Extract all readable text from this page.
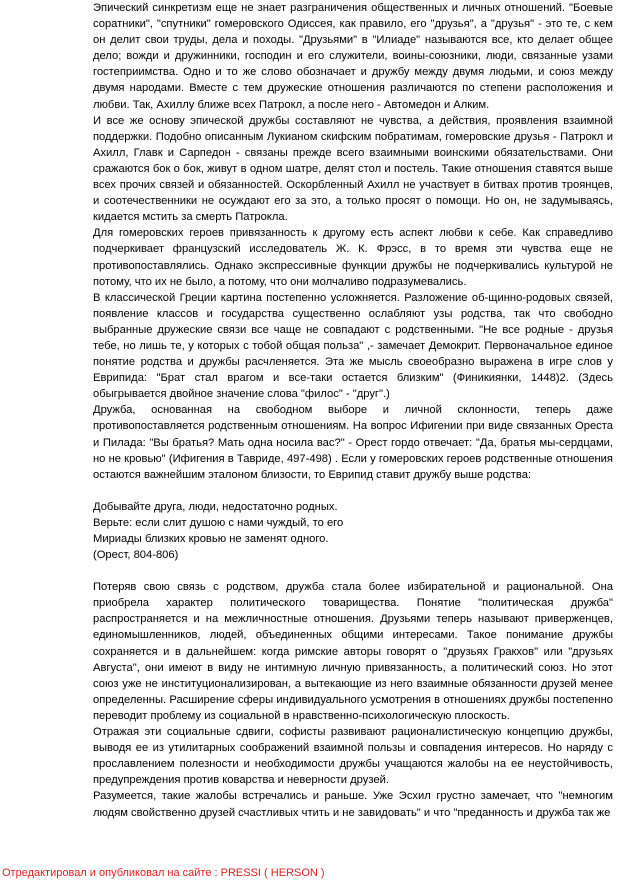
Эпический синкретизм еще не знает разграничения общественных и личных отношений. "Боевые соратники", "спутники" гомеровского Одиссея, как правило, его "друзья", а "друзья" - это те, с кем он делит свои труды, дела и походы. "Друзьями" в "Илиаде" называются все, кто делает общее дело; вожди и дружинники, господин и его служители, воины-союзники, люди, связанные узами гостеприимства. Одно и то же слово обозначает и дружбу между двумя людьми, и союз между двумя народами. Вместе с тем дружеские отношения различаются по степени расположения и любви. Так, Ахиллу ближе всех Патрокл, а после него - Автомедон и Алким.

И все же основу эпической дружбы составляют не чувства, а действия, проявления взаимной поддержки. Подобно описанным Лукианом скифским побратимам, гомеровские друзья - Патрокл и Ахилл, Главк и Сарпедон - связаны прежде всего взаимными воинскими обязательствами. Они сражаются бок о бок, живут в одном шатре, делят стол и постель. Такие отношения ставятся выше всех прочих связей и обязанностей. Оскорбленный Ахилл не участвует в битвах против троянцев, и соотечественники не осуждают его за это, а только просят о помощи. Но он, не задумываясь, кидается мстить за смерть Патрокла.

Для гомеровских героев привязанность к другому есть аспект любви к себе. Как справедливо подчеркивает французский исследователь Ж. К. Фрэсс, в то время эти чувства еще не противопоставлялись. Однако экспрессивные функции дружбы не подчеркивались культурой не потому, что их не было, а потому, что они молчаливо подразумевались.

В классической Греции картина постепенно усложняется. Разложение об-щинно-родовых связей, появление классов и государства существенно ослабляют узы родства, так что свободно выбранные дружеские связи все чаще не совпадают с родственными. "Не все родные - друзья тебе, но лишь те, у которых с тобой общая польза" ,- замечает Демокрит. Первоначальное единое понятие родства и дружбы расчленяется. Эта же мысль своеобразно выражена в игре слов у Еврипида: "Брат стал врагом и все-таки остается близким" (Финикиянки, 1448)2. (Здесь обыгрывается двойное значение слова "филос" - "друг".)

Дружба, основанная на свободном выборе и личной склонности, теперь даже противопоставляется родственным отношениям. На вопрос Ифигении при виде связанных Ореста и Пилада: "Вы братья? Мать одна носила вас?" - Орест гордо отвечает: "Да, братья мы-сердцами, но не кровью" (Ифигения в Тавриде, 497-498) . Если у гомеровских героев родственные отношения остаются важнейшим эталоном близости, то Еврипид ставит дружбу выше родства:

Добывайте друга, люди, недостаточно родных.

Верьте: если слит душою с нами чуждый, то его

Мириады близких кровью не заменят одного.

(Орест, 804-806)

Потеряв свою связь с родством, дружба стала более избирательной и рациональной. Она приобрела характер политического товарищества. Понятие "политическая дружба" распространяется и на межличностные отношения. Друзьями теперь называют приверженцев, единомышленников, людей, объединенных общими интересами. Такое понимание дружбы сохраняется и в дальнейшем: когда римские авторы говорят о "друзьях Гракхов" или "друзьях Августа", они имеют в виду не интимную личную привязанность, а политический союз. Но этот союз уже не институционализирован, а вытекающие из него взаимные обязанности друзей менее определенны. Расширение сферы индивидуального усмотрения в отношениях дружбы постепенно переводит проблему из социальной в нравственно-психологическую плоскость.

Отражая эти социальные сдвиги, софисты развивают рационалистическую концепцию дружбы, выводя ее из утилитарных соображений взаимной пользы и совпадения интересов. Но наряду с прославлением полезности и необходимости дружбы учащаются жалобы на ее неустойчивость, предупреждения против коварства и неверности друзей.

Разумеется, такие жалобы встречались и раньше. Уже Эсхил грустно замечает, что "немногим людям свойственно друзей счастливых чтить и не завидовать" и что "преданность и дружба так же

Отредактировал и опубликовал на сайте : PRESSI ( HERSON )
